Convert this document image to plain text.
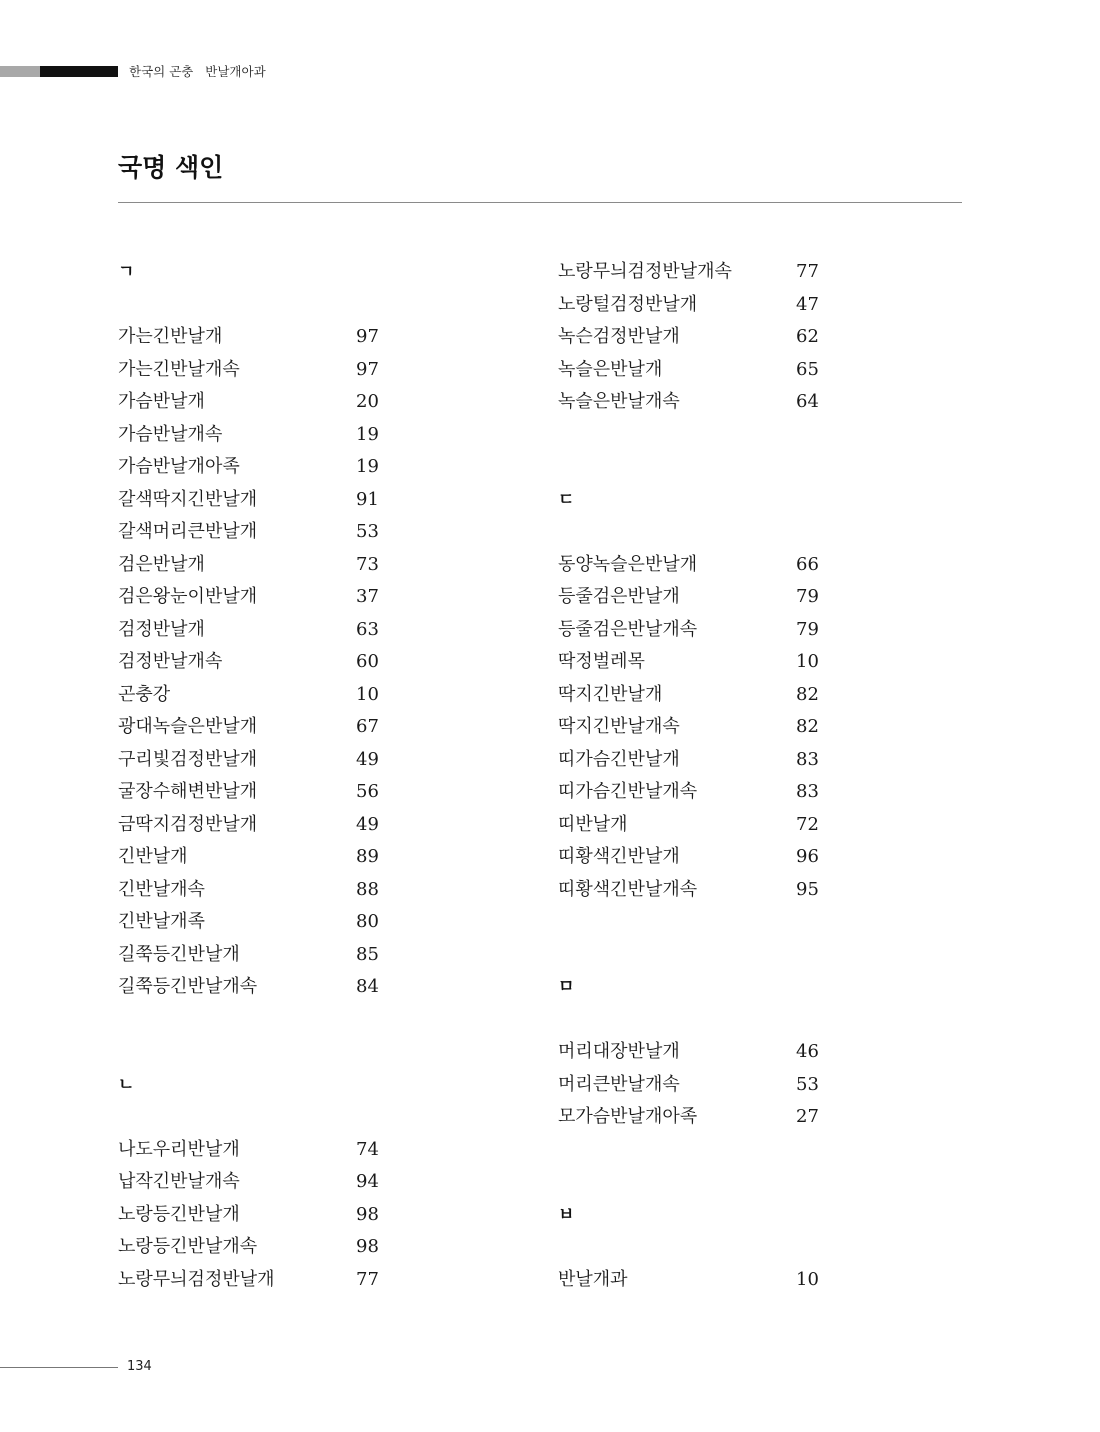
한국의 곤충   반날개아과
국명 색인
ㄱ
가는긴반날개	97
가는긴반날개속	97
가슴반날개	20
가슴반날개속	19
가슴반날개아족	19
갈색딱지긴반날개	91
갈색머리큰반날개	53
검은반날개	73
검은왕눈이반날개	37
검정반날개	63
검정반날개속	60
곤충강	10
광대녹슬은반날개	67
구리빛검정반날개	49
굴장수해변반날개	56
금딱지검정반날개	49
긴반날개	89
긴반날개속	88
긴반날개족	80
길쭉등긴반날개	85
길쭉등긴반날개속	84
ㄴ
나도우리반날개	74
납작긴반날개속	94
노랑등긴반날개	98
노랑등긴반날개속	98
노랑무늬검정반날개	77
노랑무늬검정반날개속	77
노랑털검정반날개	47
녹슨검정반날개	62
녹슬은반날개	65
녹슬은반날개속	64
ㄷ
동양녹슬은반날개	66
등줄검은반날개	79
등줄검은반날개속	79
딱정벌레목	10
딱지긴반날개	82
딱지긴반날개속	82
띠가슴긴반날개	83
띠가슴긴반날개속	83
띠반날개	72
띠황색긴반날개	96
띠황색긴반날개속	95
ㅁ
머리대장반날개	46
머리큰반날개속	53
모가슴반날개아족	27
ㅂ
반날개과	10
134
